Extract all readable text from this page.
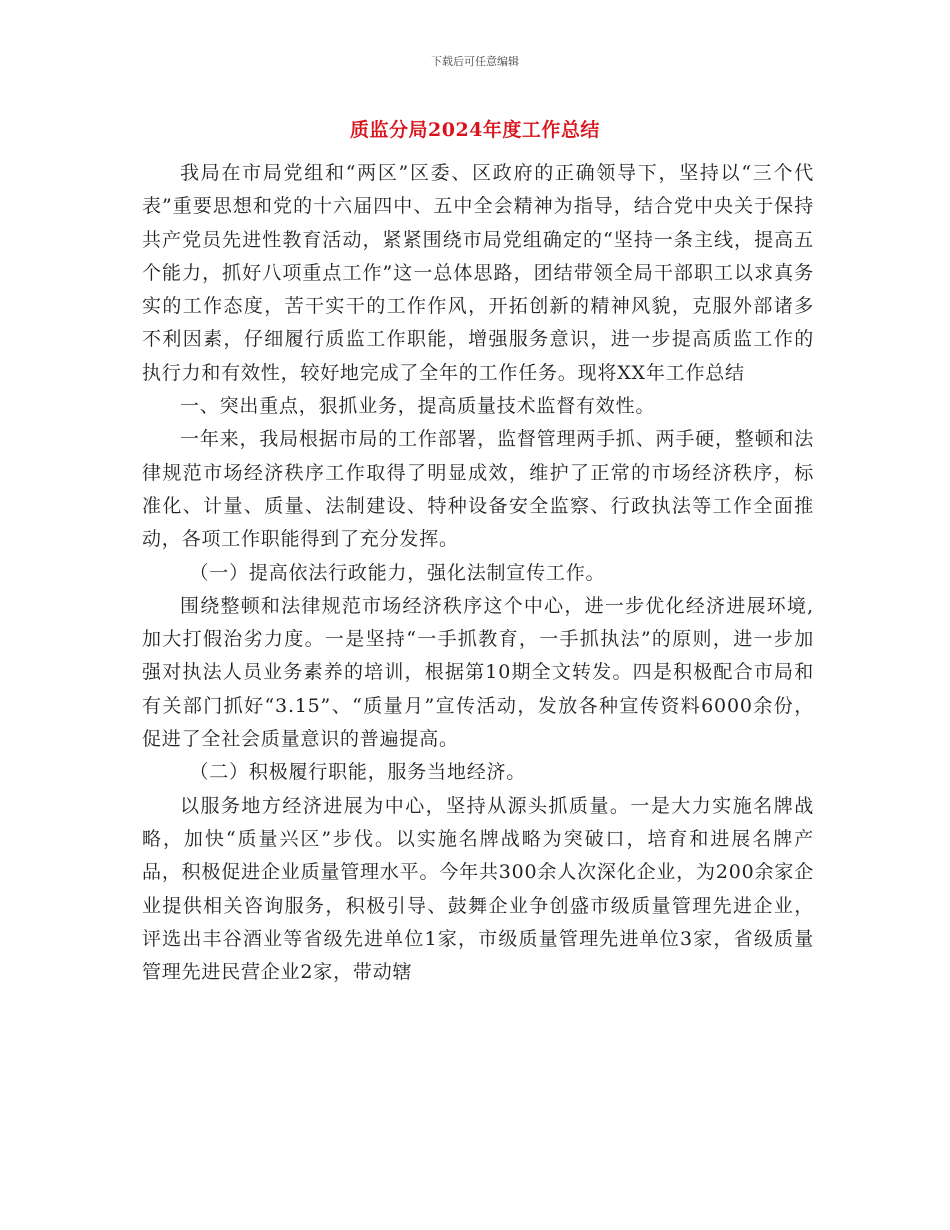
下载后可任意编辑
质监分局2024年度工作总结

我局在市局党组和“两区”区委、区政府的正确领导下，坚持以“三个代表”重要思想和党的十六届四中、五中全会精神为指导，结合党中央关于保持共产党员先进性教育活动，紧紧围绕市局党组确定的“坚持一条主线，提高五个能力，抓好八项重点工作”这一总体思路，团结带领全局干部职工以求真务实的工作态度，苦干实干的工作作风，开拓创新的精神风貌，克服外部诸多不利因素，仔细履行质监工作职能，增强服务意识，进一步提高质监工作的执行力和有效性，较好地完成了全年的工作任务。现将XX年工作总结

一、突出重点，狠抓业务，提高质量技术监督有效性。

一年来，我局根据市局的工作部署，监督管理两手抓、两手硬，整顿和法律规范市场经济秩序工作取得了明显成效，维护了正常的市场经济秩序，标准化、计量、质量、法制建设、特种设备安全监察、行政执法等工作全面推动，各项工作职能得到了充分发挥。

（一）提高依法行政能力，强化法制宣传工作。

围绕整顿和法律规范市场经济秩序这个中心，进一步优化经济进展环境,加大打假治劣力度。一是坚持“一手抓教育，一手抓执法”的原则，进一步加强对执法人员业务素养的培训，根据第10期全文转发。四是积极配合市局和有关部门抓好“3.15”、“质量月”宣传活动，发放各种宣传资料6000余份，促进了全社会质量意识的普遍提高。

（二）积极履行职能，服务当地经济。

以服务地方经济进展为中心，坚持从源头抓质量。一是大力实施名牌战略，加快“质量兴区”步伐。以实施名牌战略为突破口，培育和进展名牌产品，积极促进企业质量管理水平。今年共300余人次深化企业，为200余家企业提供相关咨询服务，积极引导、鼓舞企业争创盛市级质量管理先进企业，评选出丰谷酒业等省级先进单位1家，市级质量管理先进单位3家，省级质量管理先进民营企业2家，带动辖
